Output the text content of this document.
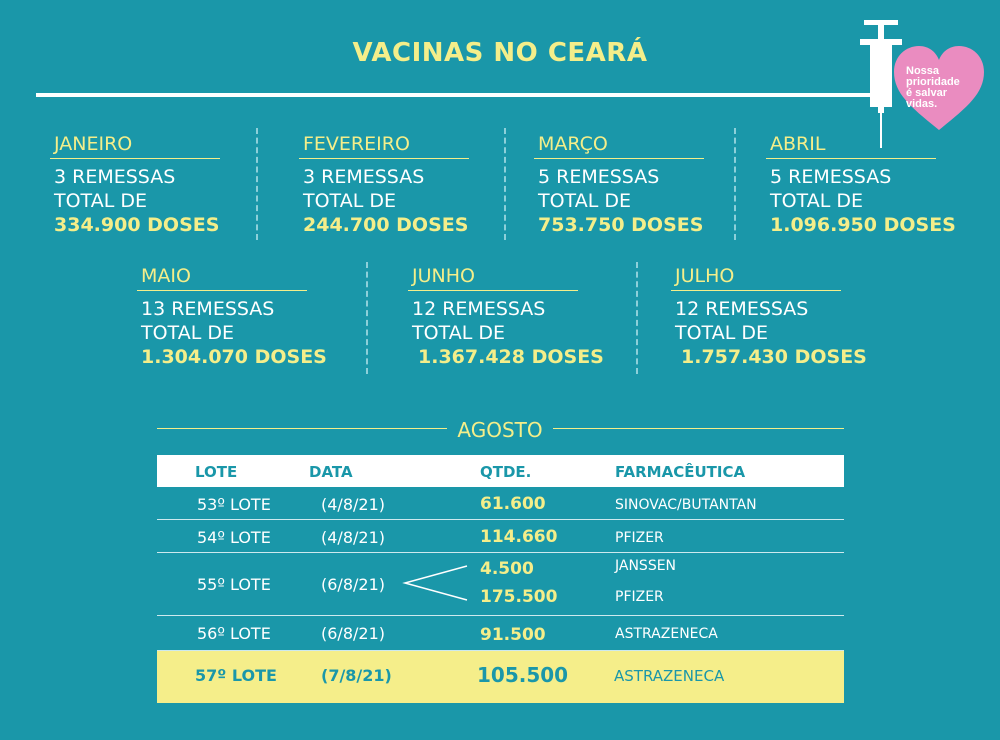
VACINAS NO CEARÁ
Nossa
prioridade
é salvar
vidas.
JANEIRO
3 REMESSAS
TOTAL DE
334.900 DOSES
FEVEREIRO
3 REMESSAS
TOTAL DE
244.700 DOSES
MARÇO
5 REMESSAS
TOTAL DE
753.750 DOSES
ABRIL
5 REMESSAS
TOTAL DE
1.096.950 DOSES
MAIO
13 REMESSAS
TOTAL DE
1.304.070 DOSES
JUNHO
12 REMESSAS
TOTAL DE
1.367.428 DOSES
JULHO
12 REMESSAS
TOTAL DE
1.757.430 DOSES
AGOSTO
LOTE	DATA	QTDE.	FARMACÊUTICA
53º LOTE	(4/8/21)	61.600	SINOVAC/BUTANTAN
54º LOTE	(4/8/21)	114.660	PFIZER
55º LOTE	(6/8/21)
4.500	JANSSEN
175.500	PFIZER
56º LOTE	(6/8/21)	91.500	ASTRAZENECA
57º LOTE	(7/8/21)	105.500	ASTRAZENECA
